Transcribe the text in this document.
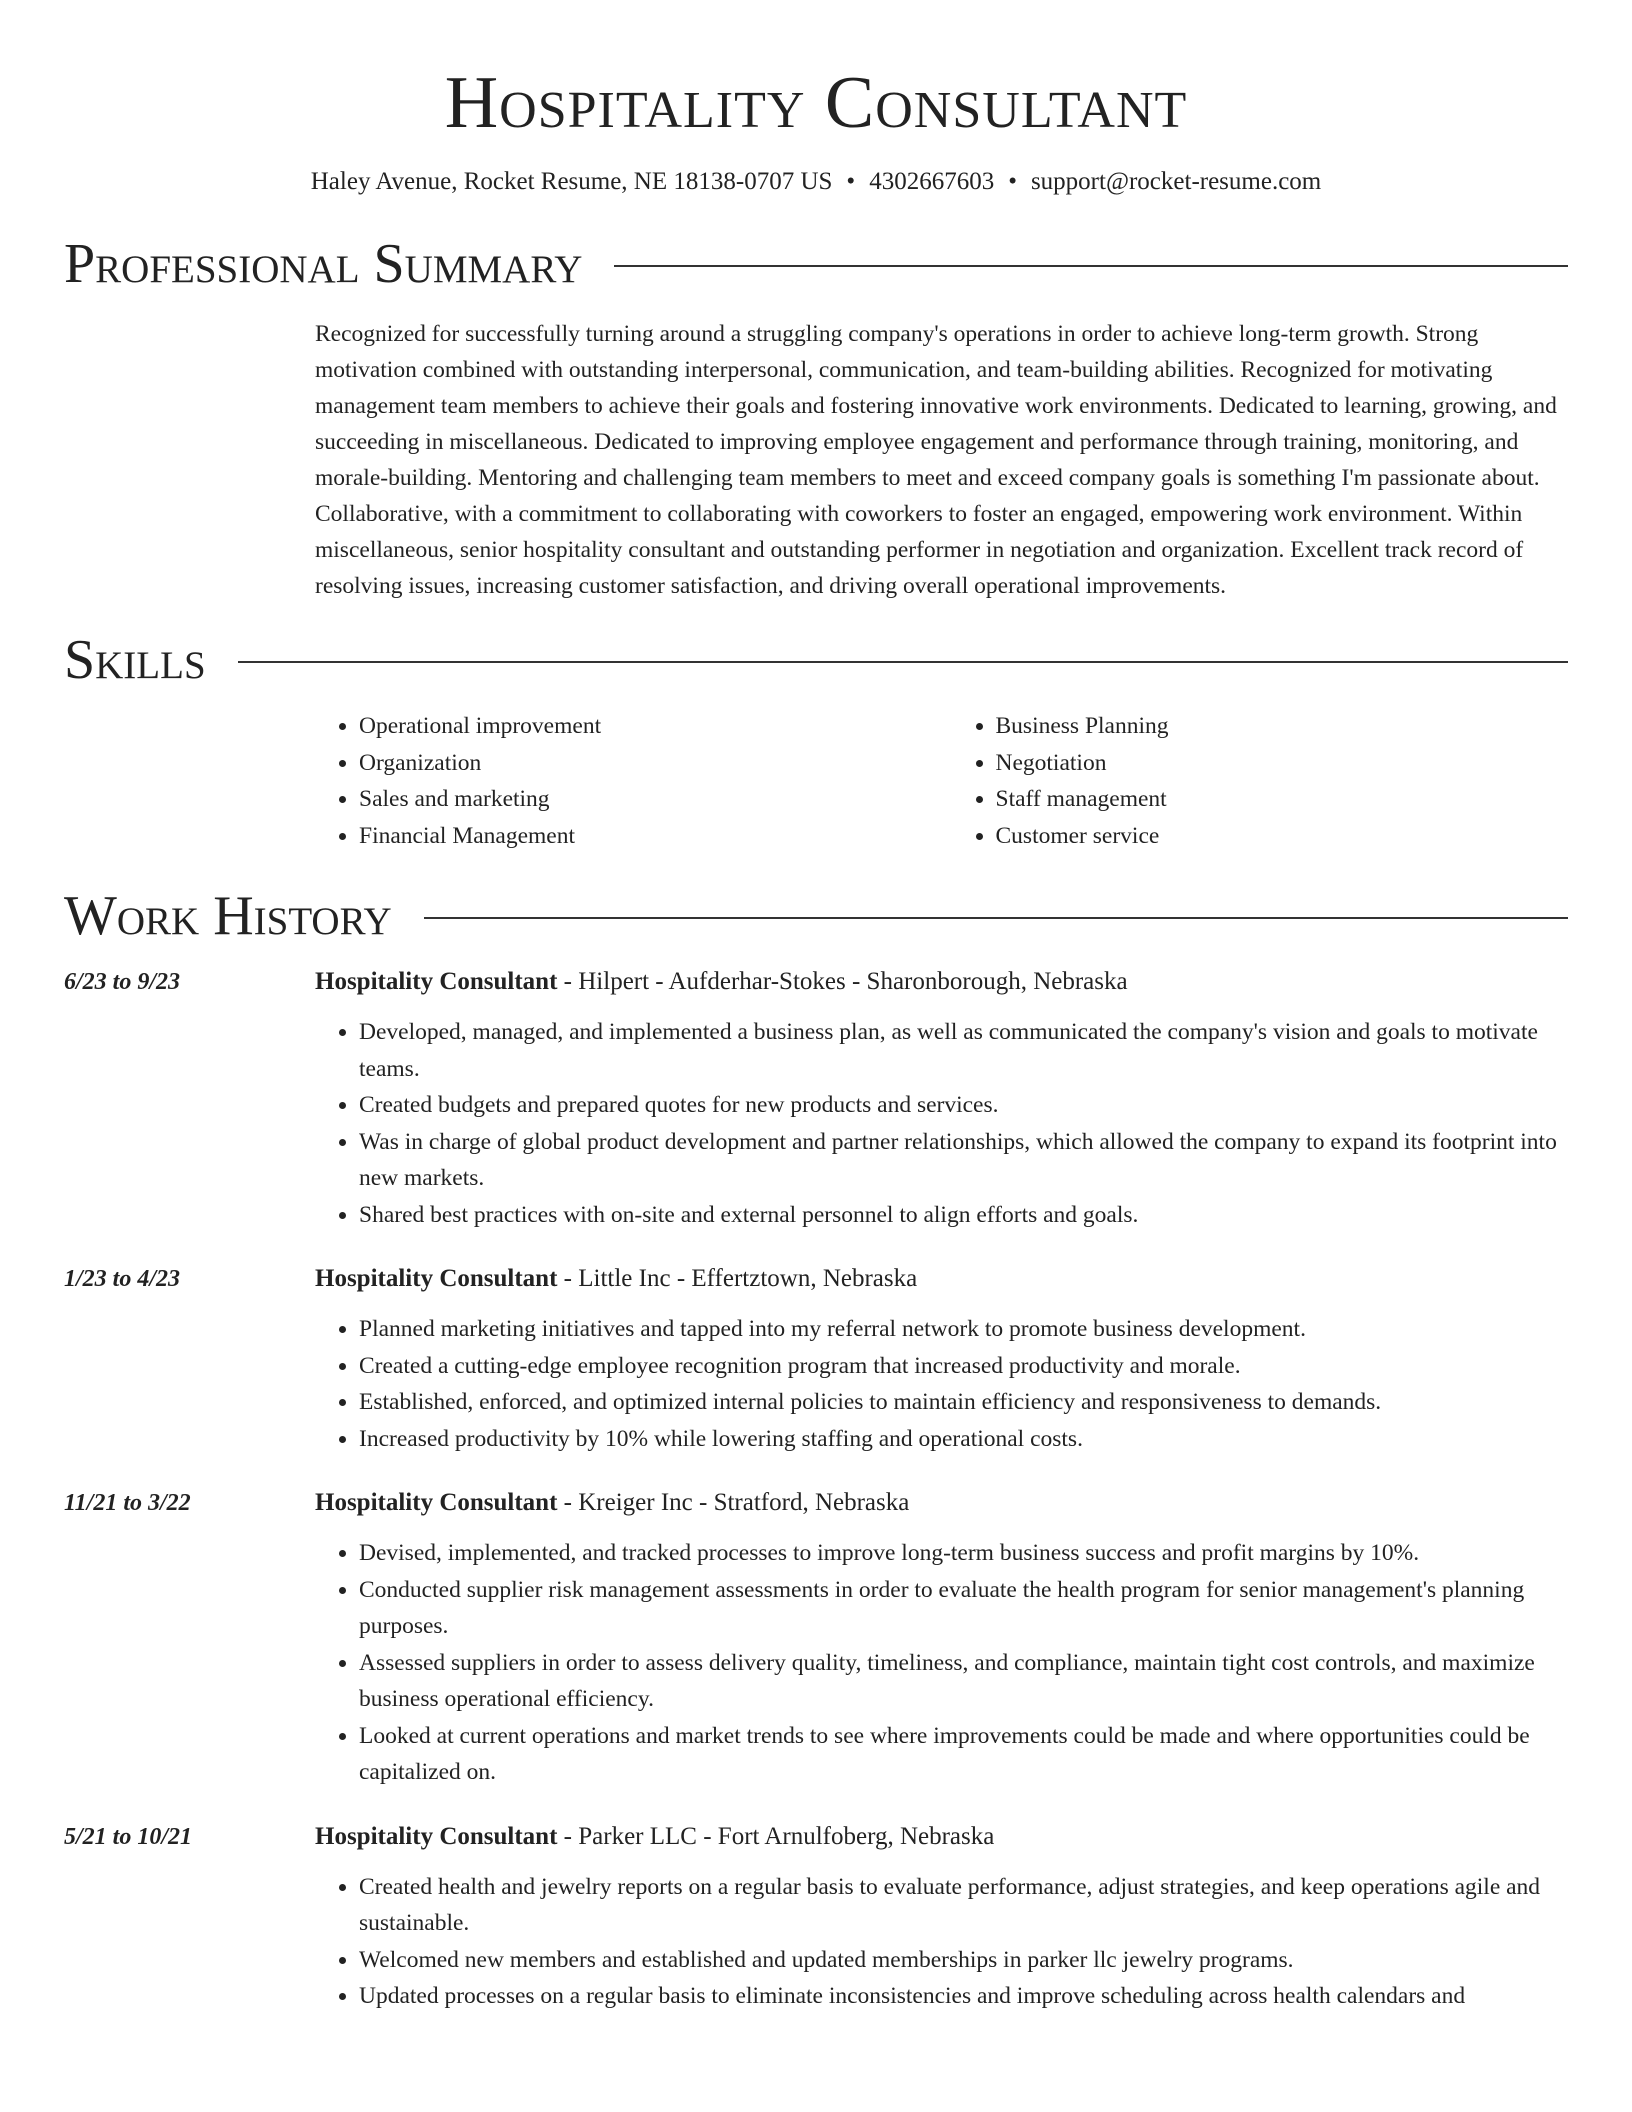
Hospitality Consultant
Haley Avenue, Rocket Resume, NE 18138-0707 US • 4302667603 • support@rocket-resume.com
Professional Summary

Recognized for successfully turning around a struggling company's operations in order to achieve long-term growth. Strong motivation combined with outstanding interpersonal, communication, and team-building abilities. Recognized for motivating management team members to achieve their goals and fostering innovative work environments. Dedicated to learning, growing, and succeeding in miscellaneous. Dedicated to improving employee engagement and performance through training, monitoring, and morale-building. Mentoring and challenging team members to meet and exceed company goals is something I'm passionate about. Collaborative, with a commitment to collaborating with coworkers to foster an engaged, empowering work environment. Within miscellaneous, senior hospitality consultant and outstanding performer in negotiation and organization. Excellent track record of resolving issues, increasing customer satisfaction, and driving overall operational improvements.

Skills
• Operational improvement
• Organization
• Sales and marketing
• Financial Management
• Business Planning
• Negotiation
• Staff management
• Customer service
Work History
6/23 to 9/23	Hospitality Consultant - Hilpert - Aufderhar-Stokes - Sharonborough, Nebraska
• Developed, managed, and implemented a business plan, as well as communicated the company's vision and goals to motivate teams.
• Created budgets and prepared quotes for new products and services.
• Was in charge of global product development and partner relationships, which allowed the company to expand its footprint into new markets.
• Shared best practices with on-site and external personnel to align efforts and goals.
1/23 to 4/23	Hospitality Consultant - Little Inc - Effertztown, Nebraska
• Planned marketing initiatives and tapped into my referral network to promote business development.
• Created a cutting-edge employee recognition program that increased productivity and morale.
• Established, enforced, and optimized internal policies to maintain efficiency and responsiveness to demands.
• Increased productivity by 10% while lowering staffing and operational costs.
11/21 to 3/22	Hospitality Consultant - Kreiger Inc - Stratford, Nebraska
• Devised, implemented, and tracked processes to improve long-term business success and profit margins by 10%.
• Conducted supplier risk management assessments in order to evaluate the health program for senior management's planning purposes.
• Assessed suppliers in order to assess delivery quality, timeliness, and compliance, maintain tight cost controls, and maximize business operational efficiency.
• Looked at current operations and market trends to see where improvements could be made and where opportunities could be capitalized on.
5/21 to 10/21	Hospitality Consultant - Parker LLC - Fort Arnulfoberg, Nebraska
• Created health and jewelry reports on a regular basis to evaluate performance, adjust strategies, and keep operations agile and sustainable.
• Welcomed new members and established and updated memberships in parker llc jewelry programs.
• Updated processes on a regular basis to eliminate inconsistencies and improve scheduling across health calendars and
